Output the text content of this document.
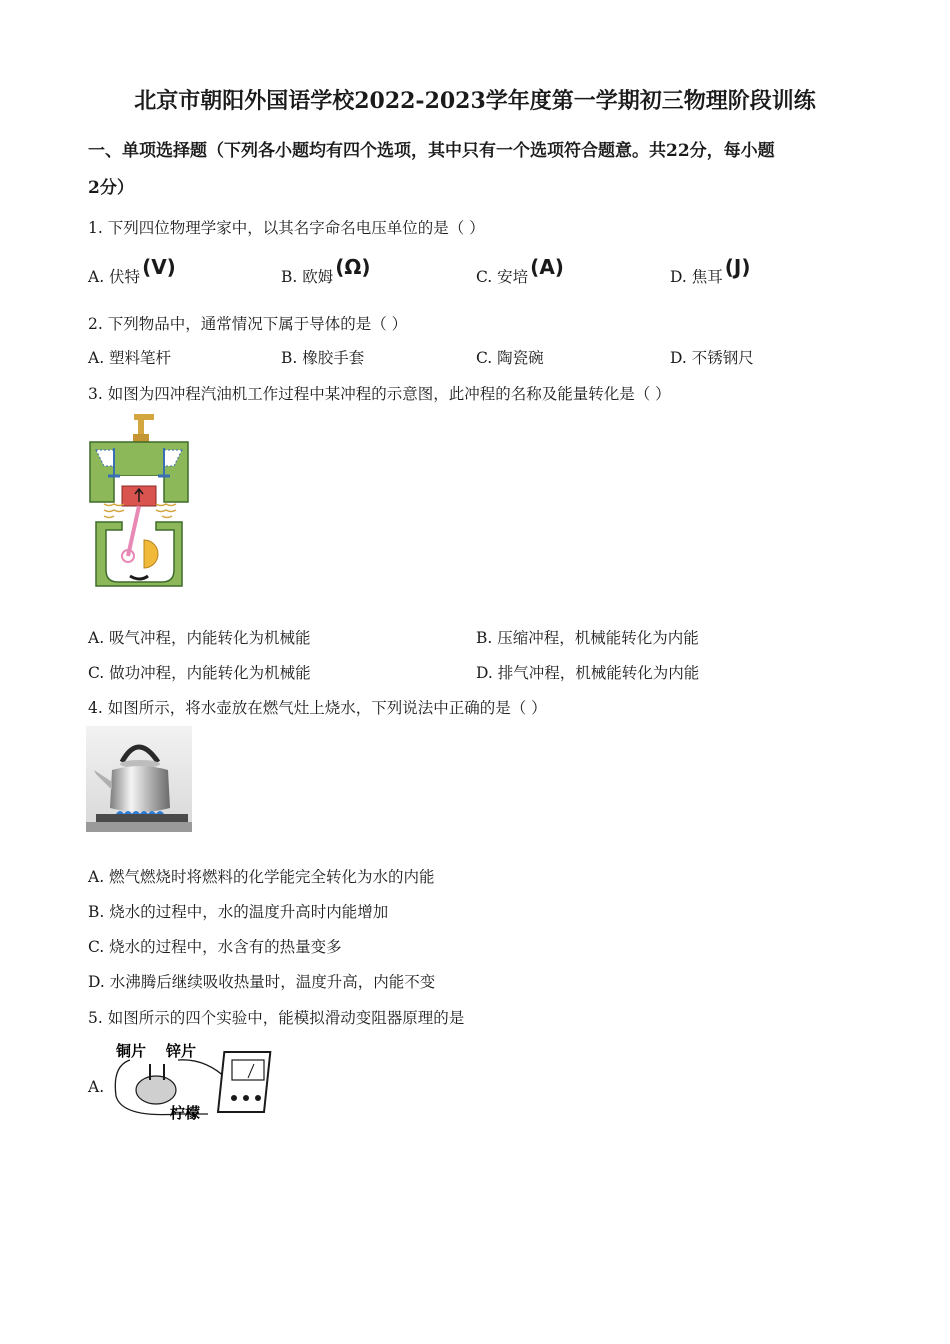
北京市朝阳外国语学校2022-2023学年度第一学期初三物理阶段训练
一、单项选择题（下列各小题均有四个选项，其中只有一个选项符合题意。共22分，每小题
2分）
1. 下列四位物理学家中，以其名字命名电压单位的是（ ）
A. 伏特 (V)	B. 欧姆 (Ω)	C. 安培 (A)	D. 焦耳 (J)
2. 下列物品中，通常情况下属于导体的是（ ）
A. 塑料笔杆	B. 橡胶手套	C. 陶瓷碗	D. 不锈钢尺
3. 如图为四冲程汽油机工作过程中某冲程的示意图，此冲程的名称及能量转化是（ ）
A. 吸气冲程，内能转化为机械能	B. 压缩冲程，机械能转化为内能
C. 做功冲程，内能转化为机械能	D. 排气冲程，机械能转化为内能
4. 如图所示，将水壶放在燃气灶上烧水，下列说法中正确的是（ ）
A. 燃气燃烧时将燃料的化学能完全转化为水的内能
B. 烧水的过程中，水的温度升高时内能增加
C. 烧水的过程中，水含有的热量变多
D. 水沸腾后继续吸收热量时，温度升高，内能不变
5. 如图所示的四个实验中，能模拟滑动变阻器原理的是
A.
铜片 锌片
柠檬
